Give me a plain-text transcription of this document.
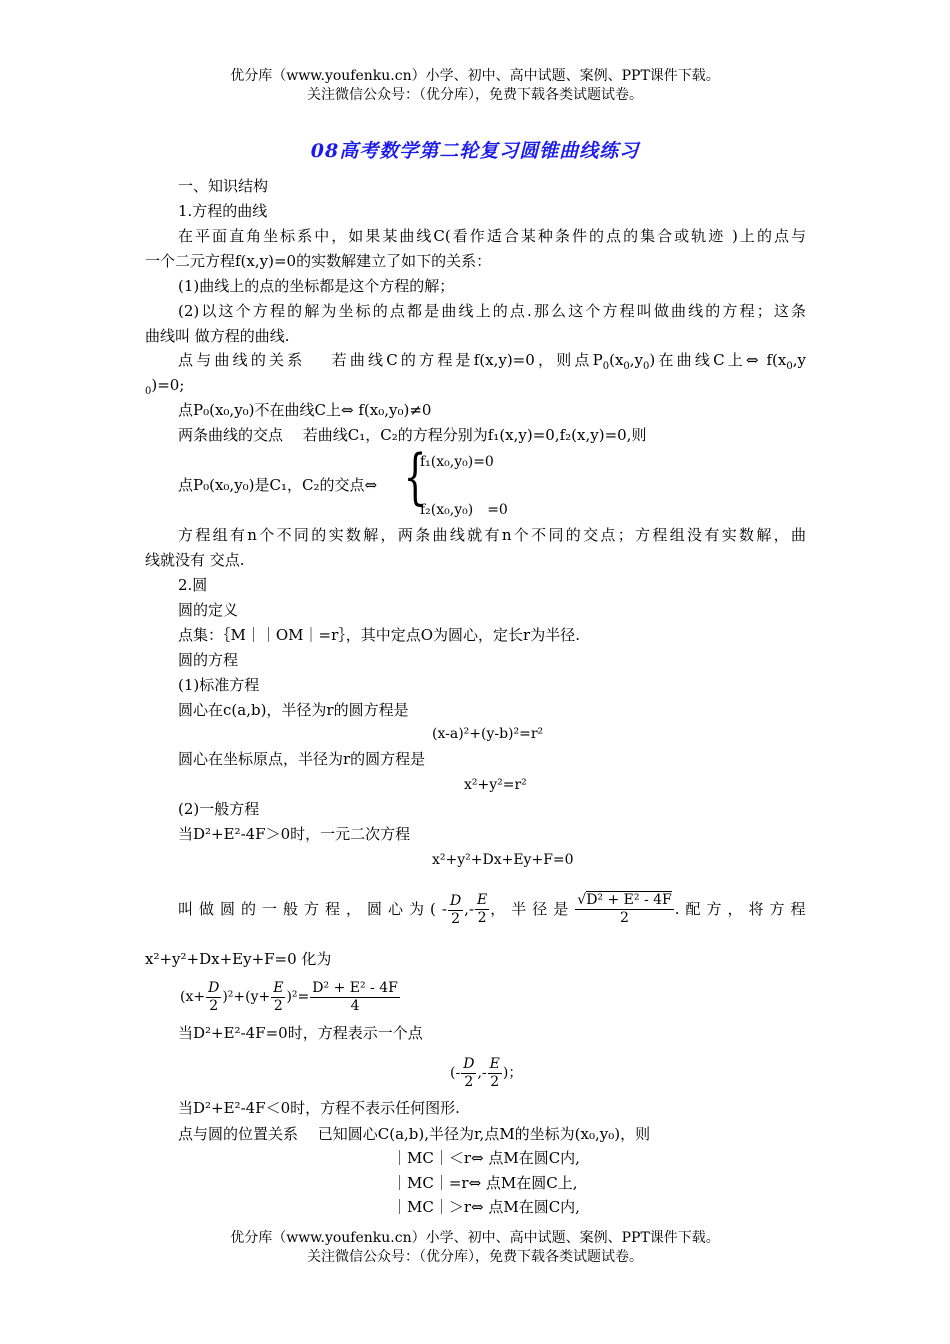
优分库（www.youfenku.cn）小学、初中、高中试题、案例、PPT课件下载。
关注微信公众号：（优分库），免费下载各类试题试卷。
08高考数学第二轮复习圆锥曲线练习
一、知识结构
1.方程的曲线
在平面直角坐标系中，如果某曲线C(看作适合某种条件的点的集合或轨迹 )上的点与
一个二元方程f(x,y)=0的实数解建立了如下的关系：
(1)曲线上的点的坐标都是这个方程的解；
(2)以这个方程的解为坐标的点都是曲线上的点.那么这个方程叫做曲线的方程；这条
曲线叫 做方程的曲线.
点与曲线的关系　 若曲线C的方程是f(x,y)=0，则点$P_0(x_0,y_0)$在曲线C上⇔ $f(x_0,y$
$_0$)=0;
点P₀(x₀,y₀)不在曲线C上⇔ f(x₀,y₀)≠0
两条曲线的交点　 若曲线C₁，C₂的方程分别为f₁(x,y)=0,f₂(x,y)=0,则
点P₀(x₀,y₀)是C₁，C₂的交点⇔ {
f₁(x₀,y₀)=0
f₂(x₀,y₀)　=0
方程组有n个不同的实数解，两条曲线就有n个不同的交点；方程组没有实数解，曲
线就没有 交点.
2.圆
圆的定义
点集：｛M｜｜OM｜=r｝，其中定点O为圆心，定长r为半径.
圆的方程
(1)标准方程
圆心在c(a,b)，半径为r的圆方程是
(x-a)²+(y-b)²=r²
圆心在坐标原点，半径为r的圆方程是
x²+y²=r²
(2)一般方程
当D²+E²-4F＞0时，一元二次方程
x²+y²+Dx+Ey+F=0
叫做圆的一般方程，圆心为( - $\frac{D}{2}$ ,- $\frac{E}{2}$ ，半径是 $\frac{\text{√D² + E² - 4F}}{2}$ .配方，将方程
x²+y²+Dx+Ey+F=0 化为
$(x+ \frac{D}{2} )^2+(y+ \frac{E}{2} )^2= \frac{\text{D² + E² - 4F}}{4}$
当D²+E²-4F=0时，方程表示一个点
(- $\frac{D}{2}$ ,- $\frac{E}{2}$ )；
当D²+E²-4F＜0时，方程不表示任何图形.
点与圆的位置关系　 已知圆心C(a,b),半径为r,点M的坐标为(x₀,y₀)，则
｜MC｜＜r⇔ 点M在圆C内,
｜MC｜=r⇔ 点M在圆C上,
｜MC｜＞r⇔ 点M在圆C内,
优分库（www.youfenku.cn）小学、初中、高中试题、案例、PPT课件下载。
关注微信公众号：（优分库），免费下载各类试题试卷。
